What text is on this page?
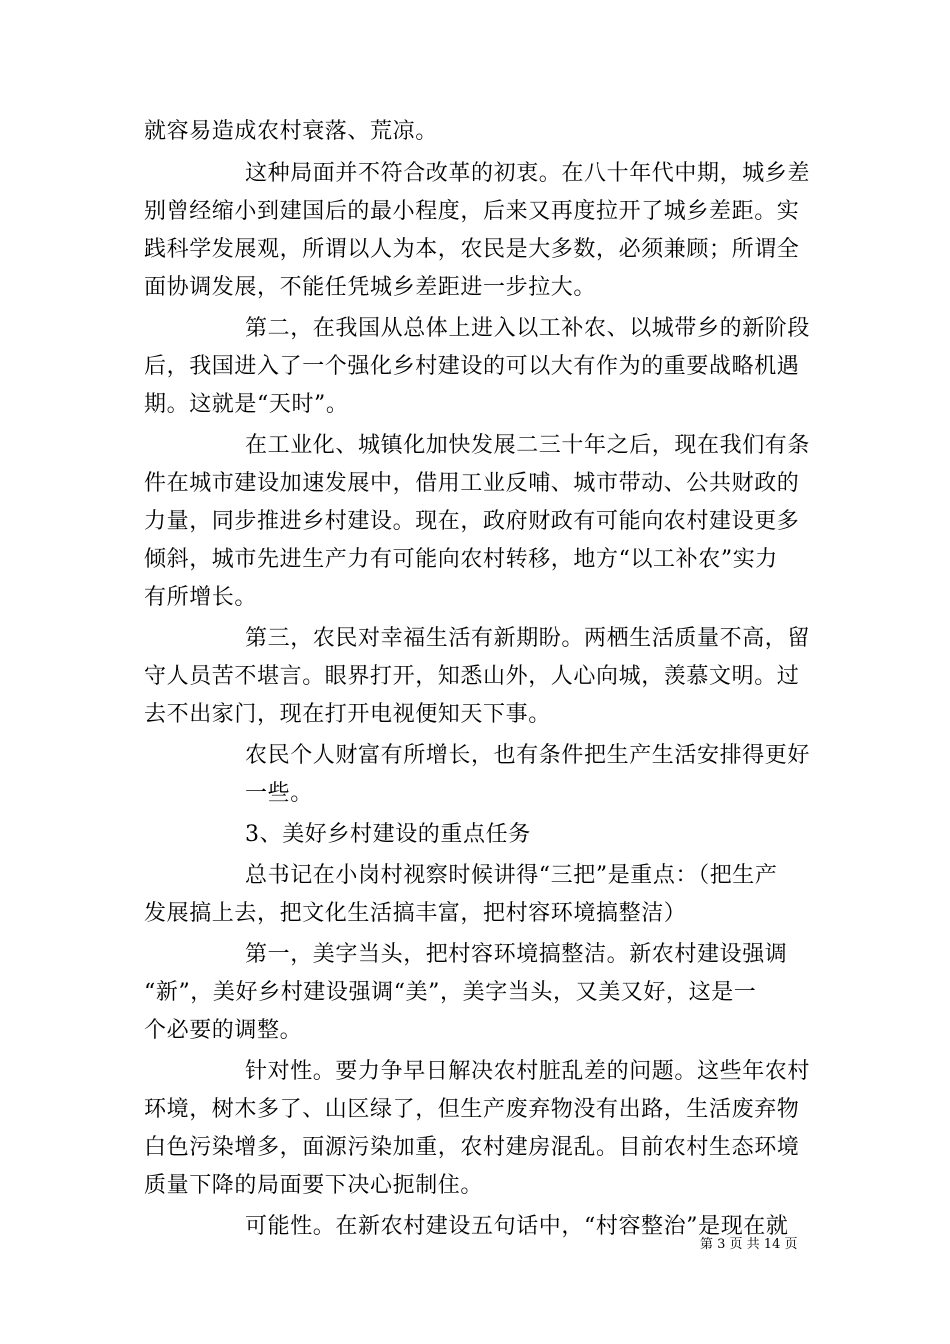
就容易造成农村衰落、荒凉。
这种局面并不符合改革的初衷。在八十年代中期，城乡差
别曾经缩小到建国后的最小程度，后来又再度拉开了城乡差距。实
践科学发展观，所谓以人为本，农民是大多数，必须兼顾；所谓全
面协调发展，不能任凭城乡差距进一步拉大。
第二，在我国从总体上进入以工补农、以城带乡的新阶段
后，我国进入了一个强化乡村建设的可以大有作为的重要战略机遇
期。这就是“天时”。
在工业化、城镇化加快发展二三十年之后，现在我们有条
件在城市建设加速发展中，借用工业反哺、城市带动、公共财政的
力量，同步推进乡村建设。现在，政府财政有可能向农村建设更多
倾斜，城市先进生产力有可能向农村转移，地方“以工补农”实力
有所增长。
第三，农民对幸福生活有新期盼。两栖生活质量不高，留
守人员苦不堪言。眼界打开，知悉山外，人心向城，羡慕文明。过
去不出家门，现在打开电视便知天下事。
农民个人财富有所增长，也有条件把生产生活安排得更好
一些。
3、美好乡村建设的重点任务
总书记在小岗村视察时候讲得“三把”是重点：（把生产
发展搞上去，把文化生活搞丰富，把村容环境搞整洁）
第一，美字当头，把村容环境搞整洁。新农村建设强调
“新”，美好乡村建设强调“美”，美字当头，又美又好，这是一
个必要的调整。
针对性。要力争早日解决农村脏乱差的问题。这些年农村
环境，树木多了、山区绿了，但生产废弃物没有出路，生活废弃物
白色污染增多，面源污染加重，农村建房混乱。目前农村生态环境
质量下降的局面要下决心扼制住。
可能性。在新农村建设五句话中，“村容整治”是现在就
第 3 页 共 14 页
